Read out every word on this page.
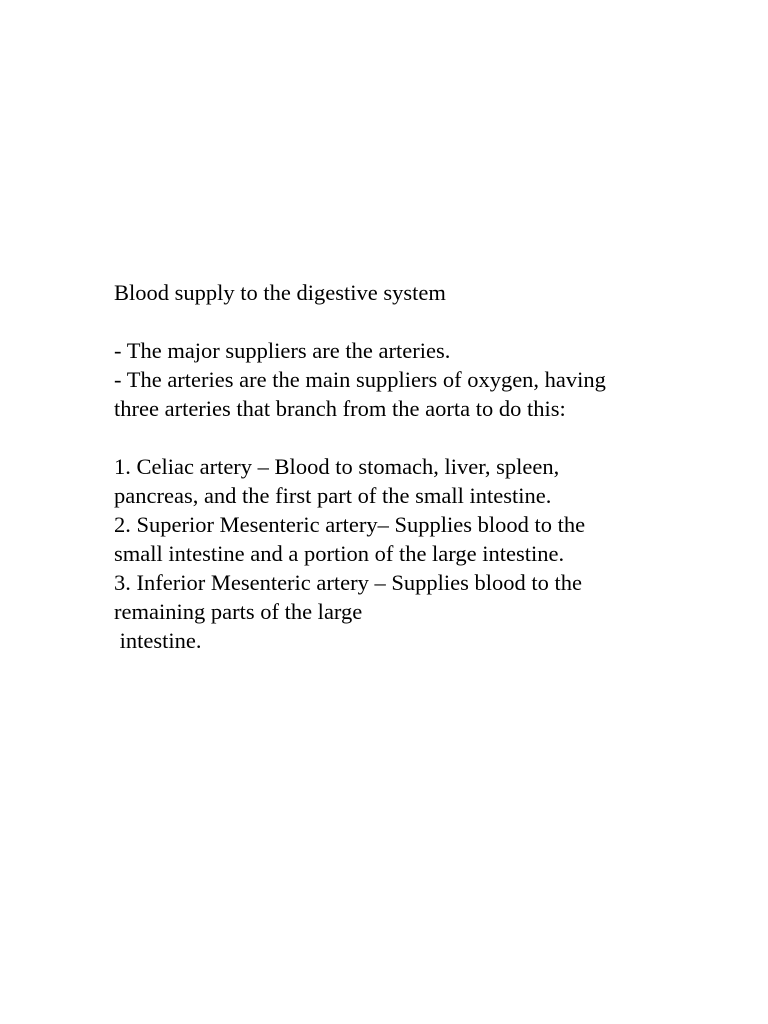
Blood supply to the digestive system
- The major suppliers are the arteries.
- The arteries are the main suppliers of oxygen, having
three arteries that branch from the aorta to do this:
1. Celiac artery – Blood to stomach, liver, spleen,
pancreas, and the first part of the small intestine.
2. Superior Mesenteric artery– Supplies blood to the
small intestine and a portion of the large intestine.
3. Inferior Mesenteric artery – Supplies blood to the
remaining parts of the large
intestine.
